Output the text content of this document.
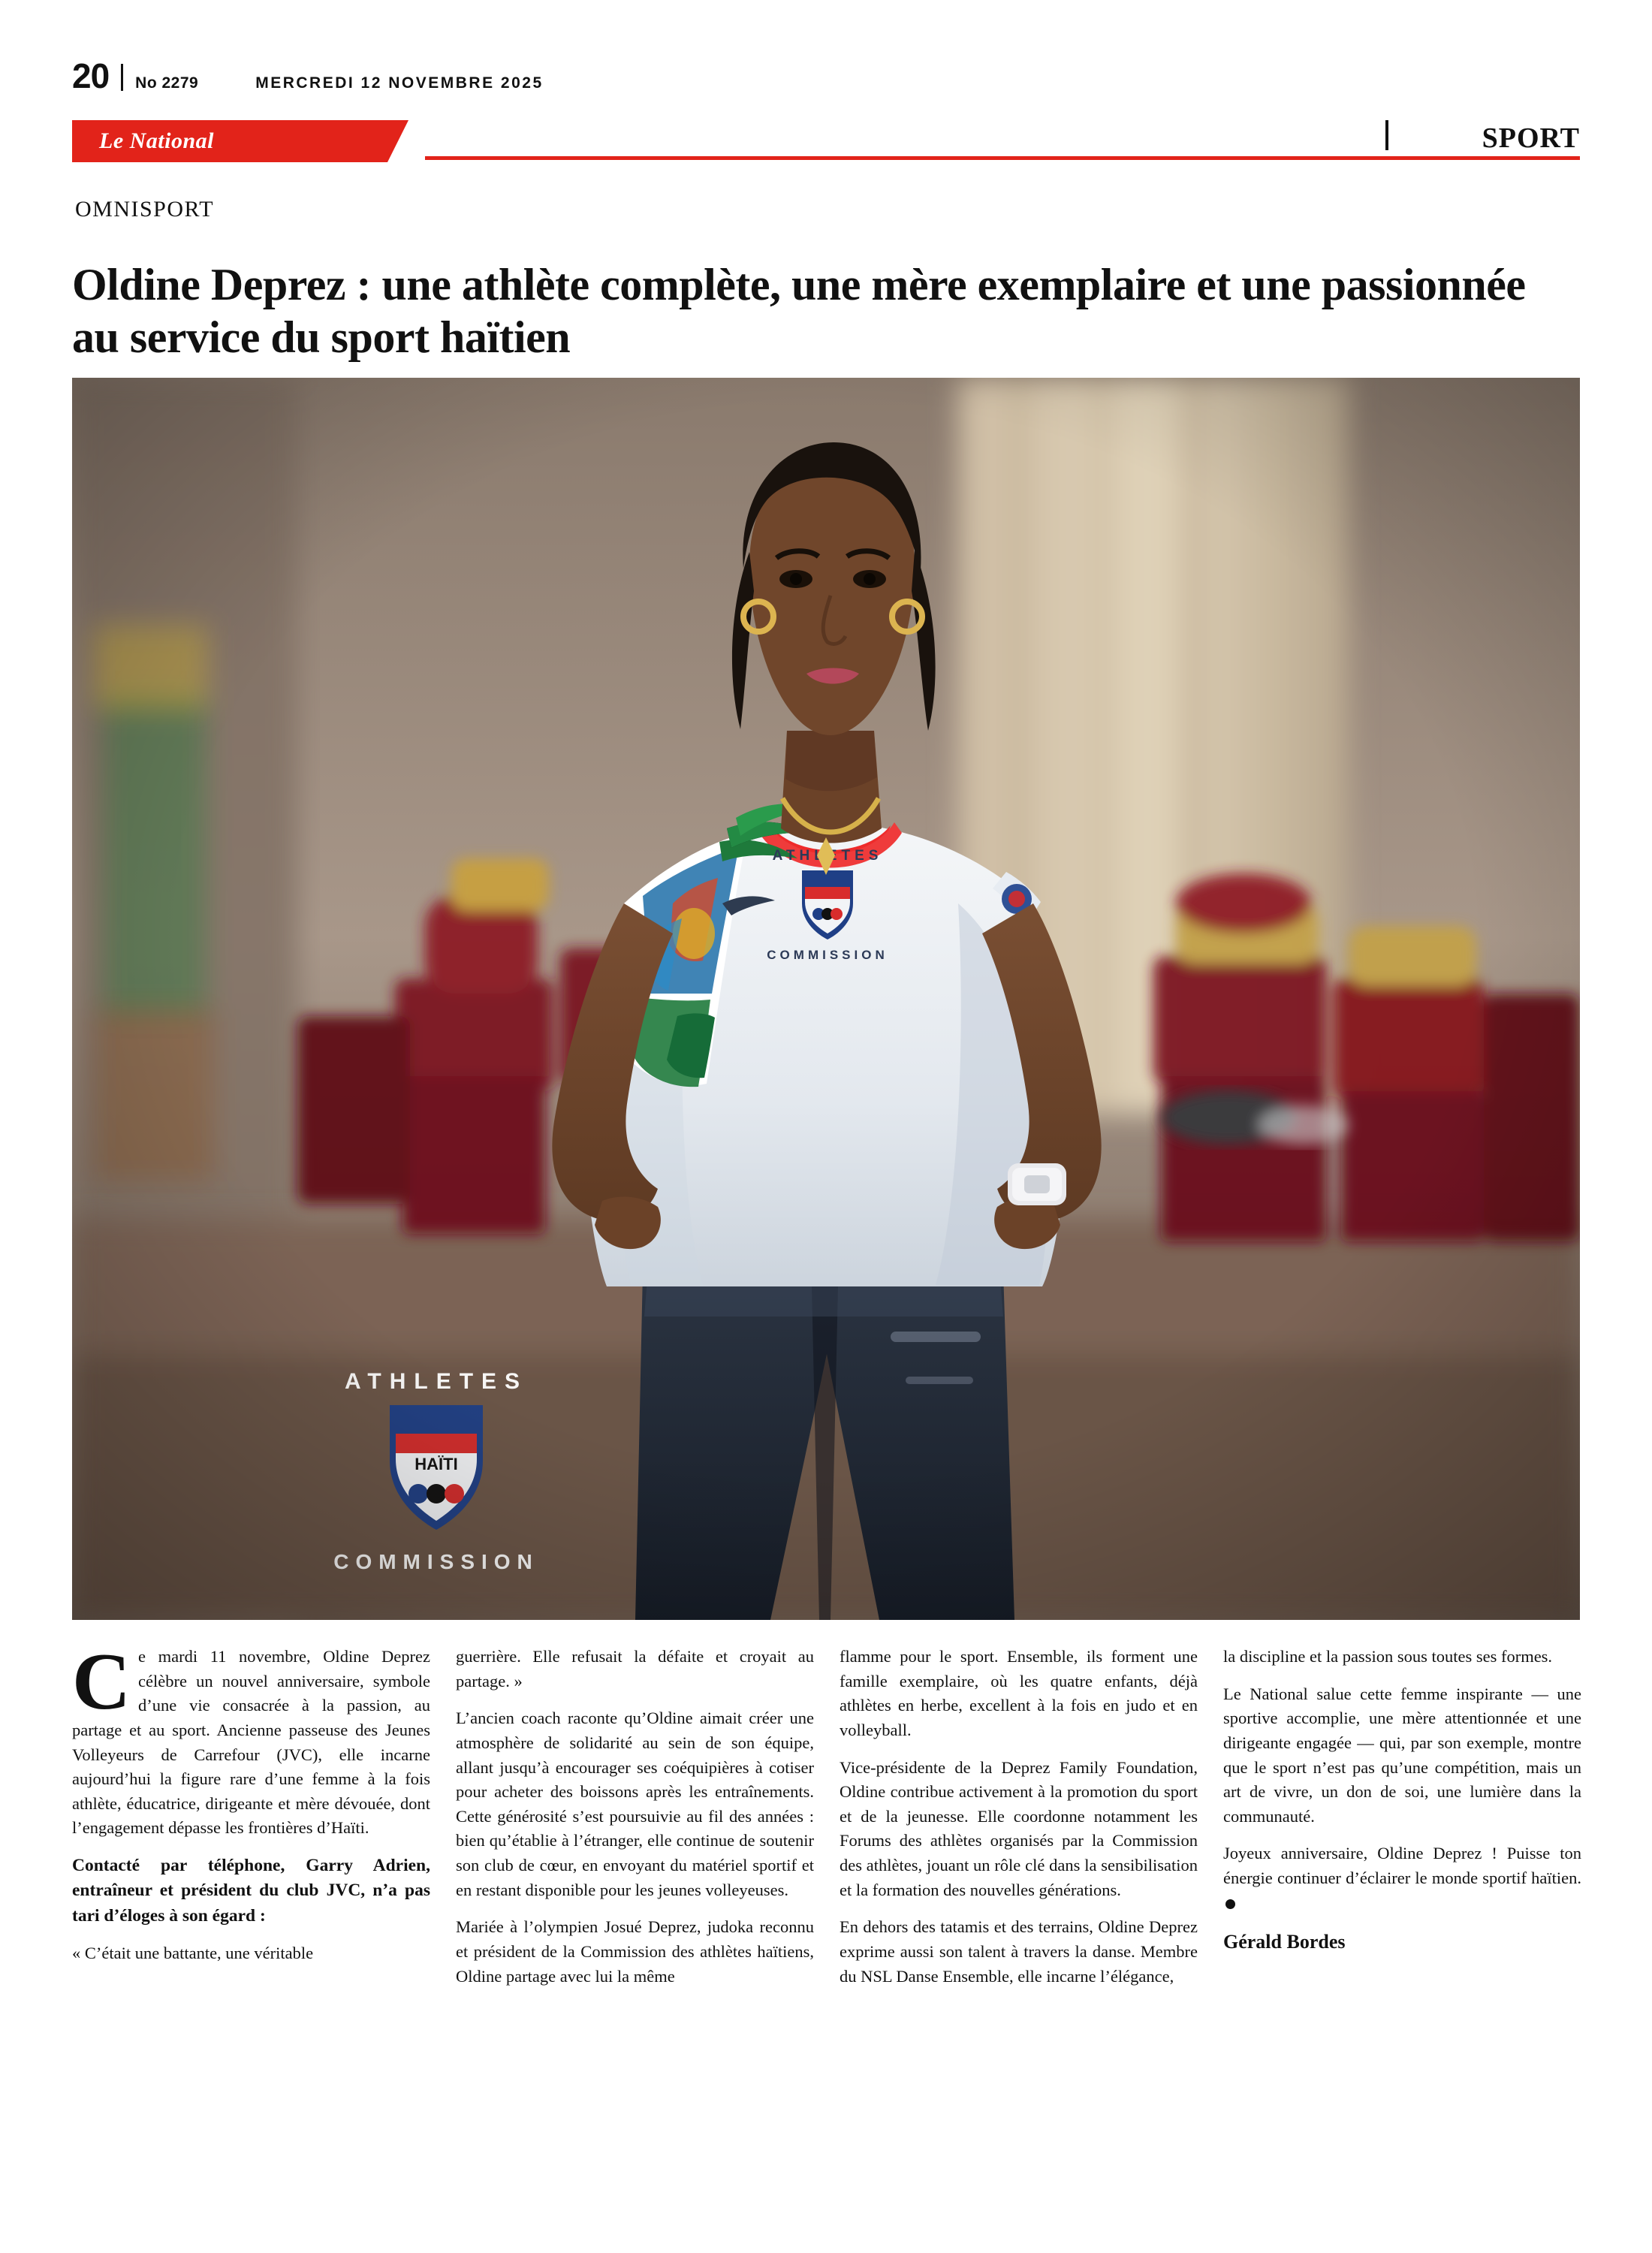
20 No 2279	MERCREDI 12 NOVEMBRE 2025
Le National	SPORT
OMNISPORT
Oldine Deprez : une athlète complète, une mère exemplaire et une passionnée au service du sport haïtien

Ce mardi 11 novembre, Oldine Deprez célèbre un nouvel anniversaire, symbole d’une vie consacrée à la passion, au partage et au sport. Ancienne passeuse des Jeunes Volleyeurs de Carrefour (JVC), elle incarne aujourd’hui la figure rare d’une femme à la fois athlète, éducatrice, dirigeante et mère dévouée, dont l’engagement dépasse les frontières d’Haïti.

Contacté par téléphone, Garry Adrien, entraîneur et président du club JVC, n’a pas tari d’éloges à son égard :

« C’était une battante, une véritable

guerrière. Elle refusait la défaite et croyait au partage. »

L’ancien coach raconte qu’Oldine aimait créer une atmosphère de solidarité au sein de son équipe, allant jusqu’à encourager ses coéquipières à cotiser pour acheter des boissons après les entraînements. Cette générosité s’est poursuivie au fil des années : bien qu’établie à l’étranger, elle continue de soutenir son club de cœur, en envoyant du matériel sportif et en restant disponible pour les jeunes volleyeuses.

Mariée à l’olympien Josué Deprez, judoka reconnu et président de la Commission des athlètes haïtiens, Oldine partage avec lui la même

flamme pour le sport. Ensemble, ils forment une famille exemplaire, où les quatre enfants, déjà athlètes en herbe, excellent à la fois en judo et en volleyball.

Vice-présidente de la Deprez Family Foundation, Oldine contribue activement à la promotion du sport et de la jeunesse. Elle coordonne notamment les Forums des athlètes organisés par la Commission des athlètes, jouant un rôle clé dans la sensibilisation et la formation des nouvelles générations.

En dehors des tatamis et des terrains, Oldine Deprez exprime aussi son talent à travers la danse. Membre du NSL Danse Ensemble, elle incarne l’élégance,

la discipline et la passion sous toutes ses formes.

Le National salue cette femme inspirante — une sportive accomplie, une mère attentionnée et une dirigeante engagée — qui, par son exemple, montre que le sport n’est pas qu’une compétition, mais un art de vivre, un don de soi, une lumière dans la communauté.

Joyeux anniversaire, Oldine Deprez ! Puisse ton énergie continuer d’éclairer le monde sportif haïtien.

Gérald Bordes
